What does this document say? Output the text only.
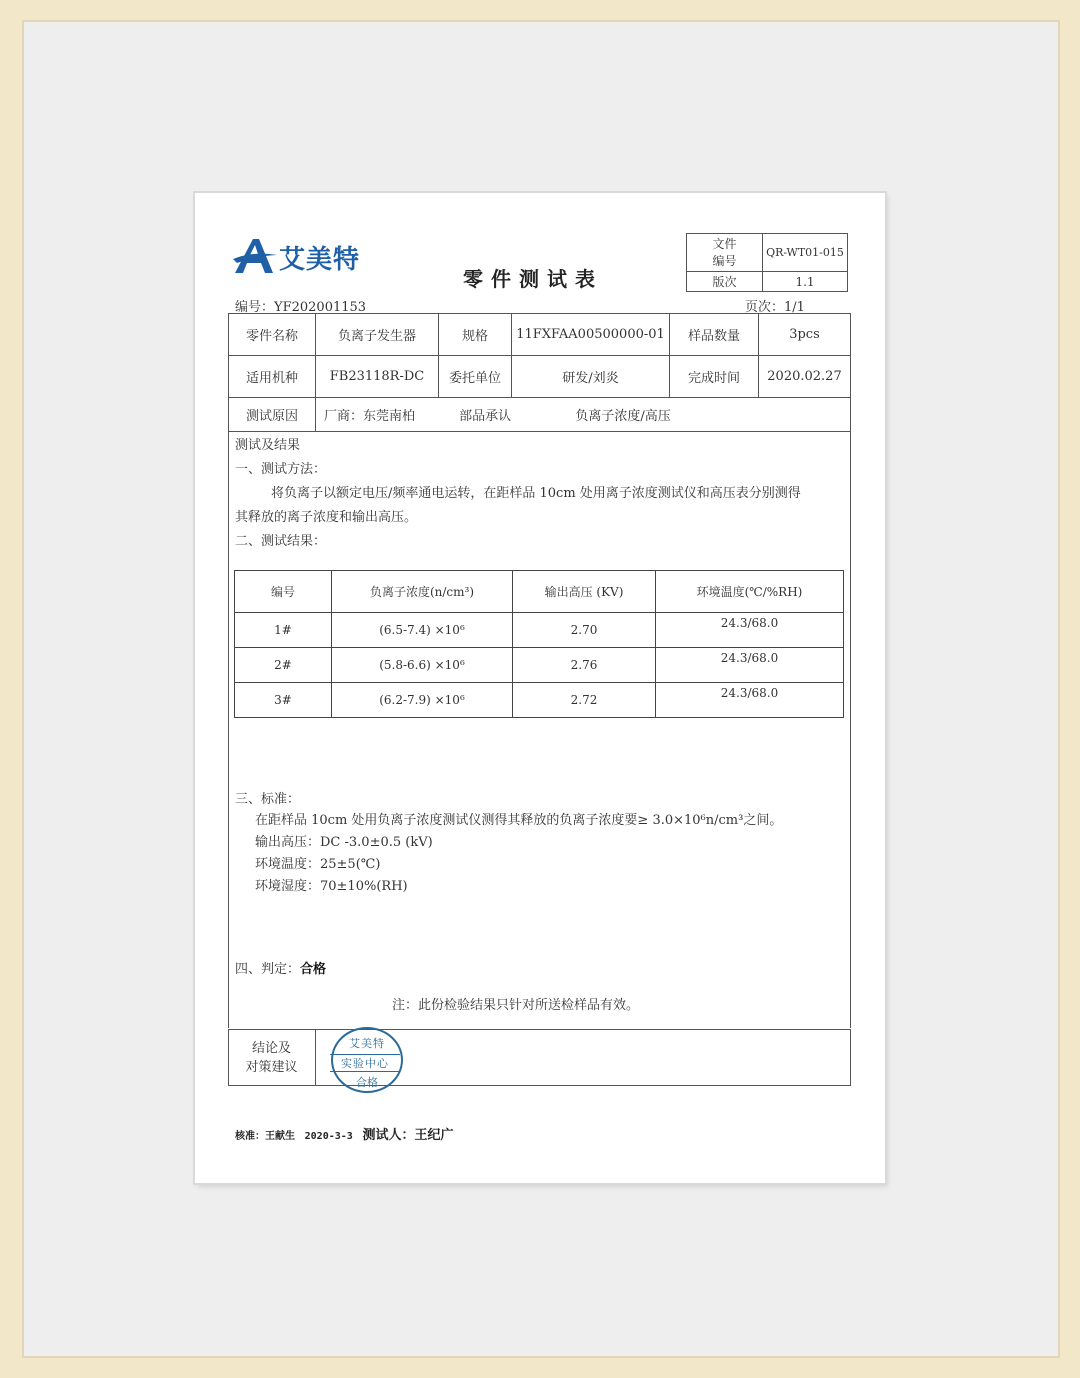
艾美特
零件测试表
文件
编号	QR-WT01-015
版次	1.1
编号：YF202001153	页次：1/1
零件名称	负离子发生器	规格	11FXFAA00500000-01	样品数量	3pcs
适用机种	FB23118R-DC	委托单位	研发/刘炎	完成时间	2020.02.27
测试原因	厂商：东莞南柏 部品承认 负离子浓度/高压				
测试及结果
一、测试方法：
将负离子以额定电压/频率通电运转，在距样品 10cm 处用离子浓度测试仪和高压表分别测得
其释放的离子浓度和输出高压。
二、测试结果：
编号	负离子浓度(n/cm³)	输出高压 (KV)	环境温度(℃/%RH)
1#	(6.5-7.4) ×10⁶	2.70	24.3/68.0
2#	(5.8-6.6) ×10⁶	2.76	24.3/68.0
3#	(6.2-7.9) ×10⁶	2.72	24.3/68.0
三、标准：
在距样品 10cm 处用负离子浓度测试仪测得其释放的负离子浓度要≥ 3.0×10⁶n/cm³之间。
输出高压：DC -3.0±0.5 (kV)
环境温度：25±5(℃)
环境湿度：70±10%(RH)
四、判定：合格
注：此份检验结果只针对所送检样品有效。
结论及
对策建议
艾美特
实验中心
合格
核准：王献生 2020-3-3 测试人：王纪广
